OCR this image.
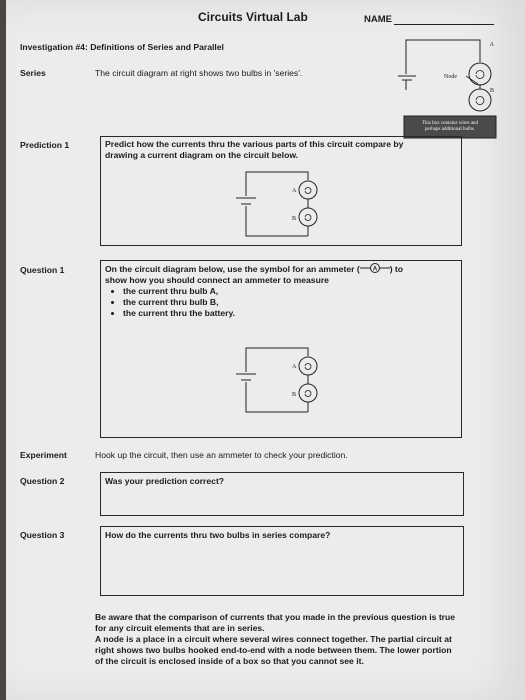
Circuits Virtual Lab	NAME
Investigation #4: Definitions of Series and Parallel
Series	The circuit diagram at right shows two bulbs in 'series'.
A
B
Node
This box contains wires and
perhaps additional bulbs.
Prediction 1	Predict how the currents thru the various parts of this circuit compare by
drawing a current diagram on the circuit below.
A
B
Question 1	On the circuit diagram below, use the symbol for an ammeter ( A ) to
show how you should connect an ammeter to measure
• the current thru bulb A,
• the current thru bulb B,
• the current thru the battery.
A
B
Experiment	Hook up the circuit, then use an ammeter to check your prediction.
Question 2	Was your prediction correct?
Question 3	How do the currents thru two bulbs in series compare?
Be aware that the comparison of currents that you made in the previous question is true
for any circuit elements that are in series.
A node is a place in a circuit where several wires connect together. The partial circuit at
right shows two bulbs hooked end-to-end with a node between them. The lower portion
of the circuit is enclosed inside of a box so that you cannot see it.
